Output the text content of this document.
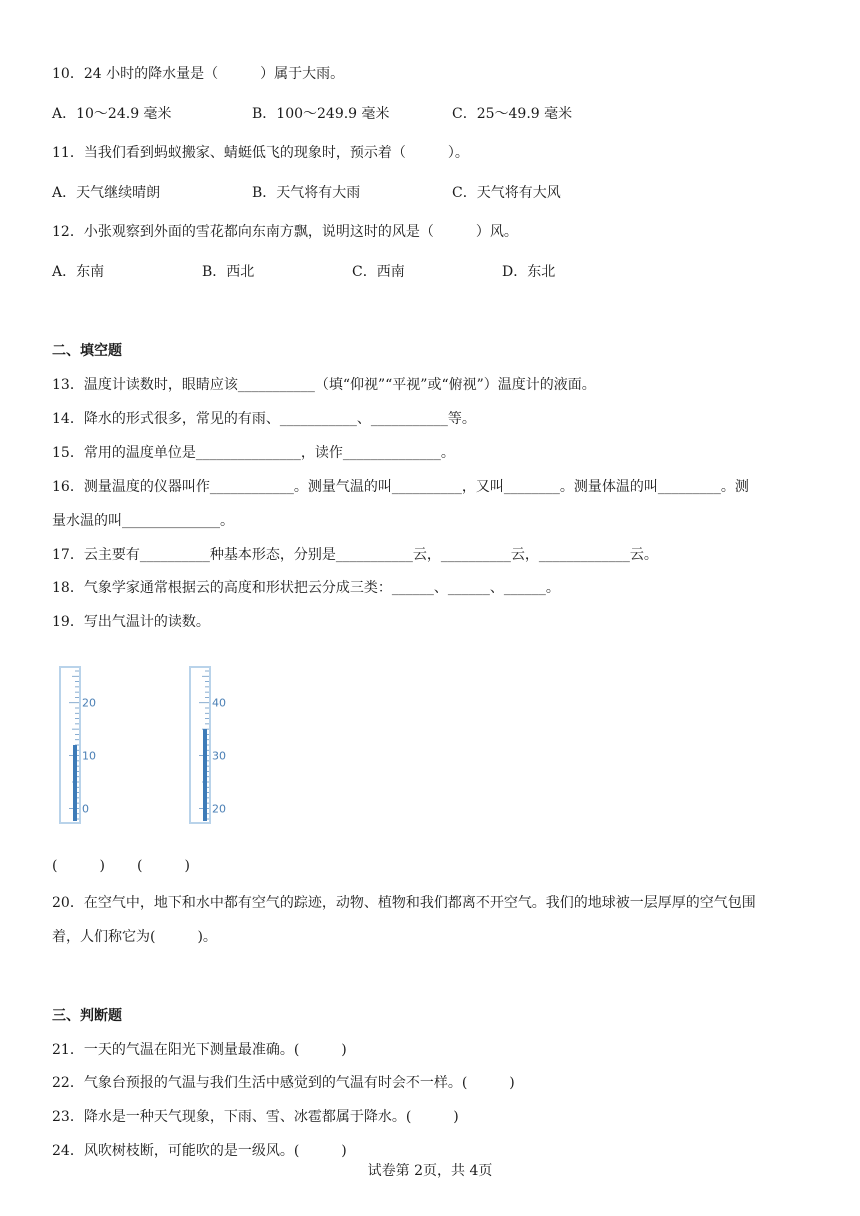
10．24 小时的降水量是（　　　）属于大雨。
A．10～24.9 毫米	B．100～249.9 毫米	C．25～49.9 毫米
11．当我们看到蚂蚁搬家、蜻蜓低飞的现象时，预示着（　　　）。
A．天气继续晴朗	B．天气将有大雨	C．天气将有大风
12．小张观察到外面的雪花都向东南方飘，说明这时的风是（　　　）风。
A．东南	B．西北	C．西南	D．东北
二、填空题
13．温度计读数时，眼睛应该___________（填“仰视”“平视”或“俯视”）温度计的液面。
14．降水的形式很多，常见的有雨、___________、___________等。
15．常用的温度单位是_______________，读作______________。
16．测量温度的仪器叫作____________。测量气温的叫__________，又叫________。测量体温的叫_________。测
量水温的叫______________。
17．云主要有__________种基本形态，分别是___________云，__________云，_____________云。
18．气象学家通常根据云的高度和形状把云分成三类：______、______、______。
19．写出气温计的读数。
20
10
0
40
30
20
(　　　) (　　　)
20．在空气中，地下和水中都有空气的踪迹，动物、植物和我们都离不开空气。我们的地球被一层厚厚的空气包围
着，人们称它为(　　　)。
三、判断题
21．一天的气温在阳光下测量最准确。(　　　)
22．气象台预报的气温与我们生活中感觉到的气温有时会不一样。(　　　)
23．降水是一种天气现象，下雨、雪、冰雹都属于降水。(　　　)
24．风吹树枝断，可能吹的是一级风。(　　　)
试卷第 2页，共 4页
